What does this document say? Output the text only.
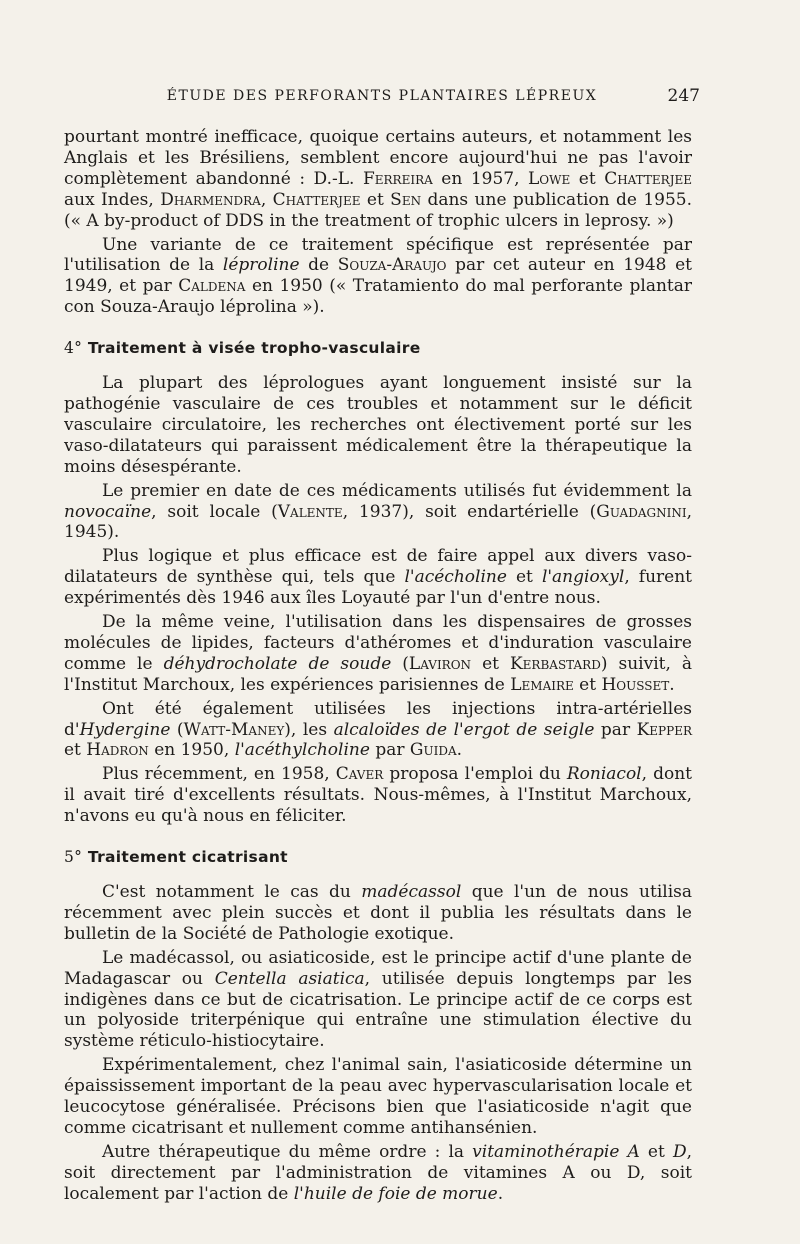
ÉTUDE DES PERFORANTS PLANTAIRES LÉPREUX	247

pourtant montré inefficace, quoique certains auteurs, et notamment les Anglais et les Brésiliens, semblent encore aujourd'hui ne pas l'avoir complètement abandonné : D.-L. Ferreira en 1957, Lowe et Chatterjee aux Indes, Dharmendra, Chatterjee et Sen dans une publication de 1955. (« A by-product of DDS in the treatment of trophic ulcers in leprosy. »)

Une variante de ce traitement spécifique est représentée par l'utilisation de la léproline de Souza-Araujo par cet auteur en 1948 et 1949, et par Caldena en 1950 (« Tratamiento do mal perforante plantar con Souza-Araujo léprolina »).

4° Traitement à visée tropho-vasculaire

La plupart des léprologues ayant longuement insisté sur la pathogénie vasculaire de ces troubles et notamment sur le déficit vasculaire circulatoire, les recherches ont électivement porté sur les vaso-dilatateurs qui paraissent médicalement être la thérapeutique la moins désespérante.

Le premier en date de ces médicaments utilisés fut évidemment la novocaïne, soit locale (Valente, 1937), soit endartérielle (Guadagnini, 1945).

Plus logique et plus efficace est de faire appel aux divers vaso-dilatateurs de synthèse qui, tels que l'acécholine et l'angioxyl, furent expérimentés dès 1946 aux îles Loyauté par l'un d'entre nous.

De la même veine, l'utilisation dans les dispensaires de grosses molécules de lipides, facteurs d'athéromes et d'induration vasculaire comme le déhydrocholate de soude (Laviron et Kerbastard) suivit, à l'Institut Marchoux, les expériences parisiennes de Lemaire et Housset.

Ont été également utilisées les injections intra-artérielles d'Hydergine (Watt-Maney), les alcaloïdes de l'ergot de seigle par Kepper et Hadron en 1950, l'acéthylcholine par Guida.

Plus récemment, en 1958, Caver proposa l'emploi du Roniacol, dont il avait tiré d'excellents résultats. Nous-mêmes, à l'Institut Marchoux, n'avons eu qu'à nous en féliciter.

5° Traitement cicatrisant

C'est notamment le cas du madécassol que l'un de nous utilisa récemment avec plein succès et dont il publia les résultats dans le bulletin de la Société de Pathologie exotique.

Le madécassol, ou asiaticoside, est le principe actif d'une plante de Madagascar ou Centella asiatica, utilisée depuis longtemps par les indigènes dans ce but de cicatrisation. Le principe actif de ce corps est un polyoside triterpénique qui entraîne une stimulation élective du système réticulo-histiocytaire.

Expérimentalement, chez l'animal sain, l'asiaticoside détermine un épaississement important de la peau avec hypervascularisation locale et leucocytose généralisée. Précisons bien que l'asiaticoside n'agit que comme cicatrisant et nullement comme antihansénien.

Autre thérapeutique du même ordre : la vitaminothérapie A et D, soit directement par l'administration de vitamines A ou D, soit localement par l'action de l'huile de foie de morue.
